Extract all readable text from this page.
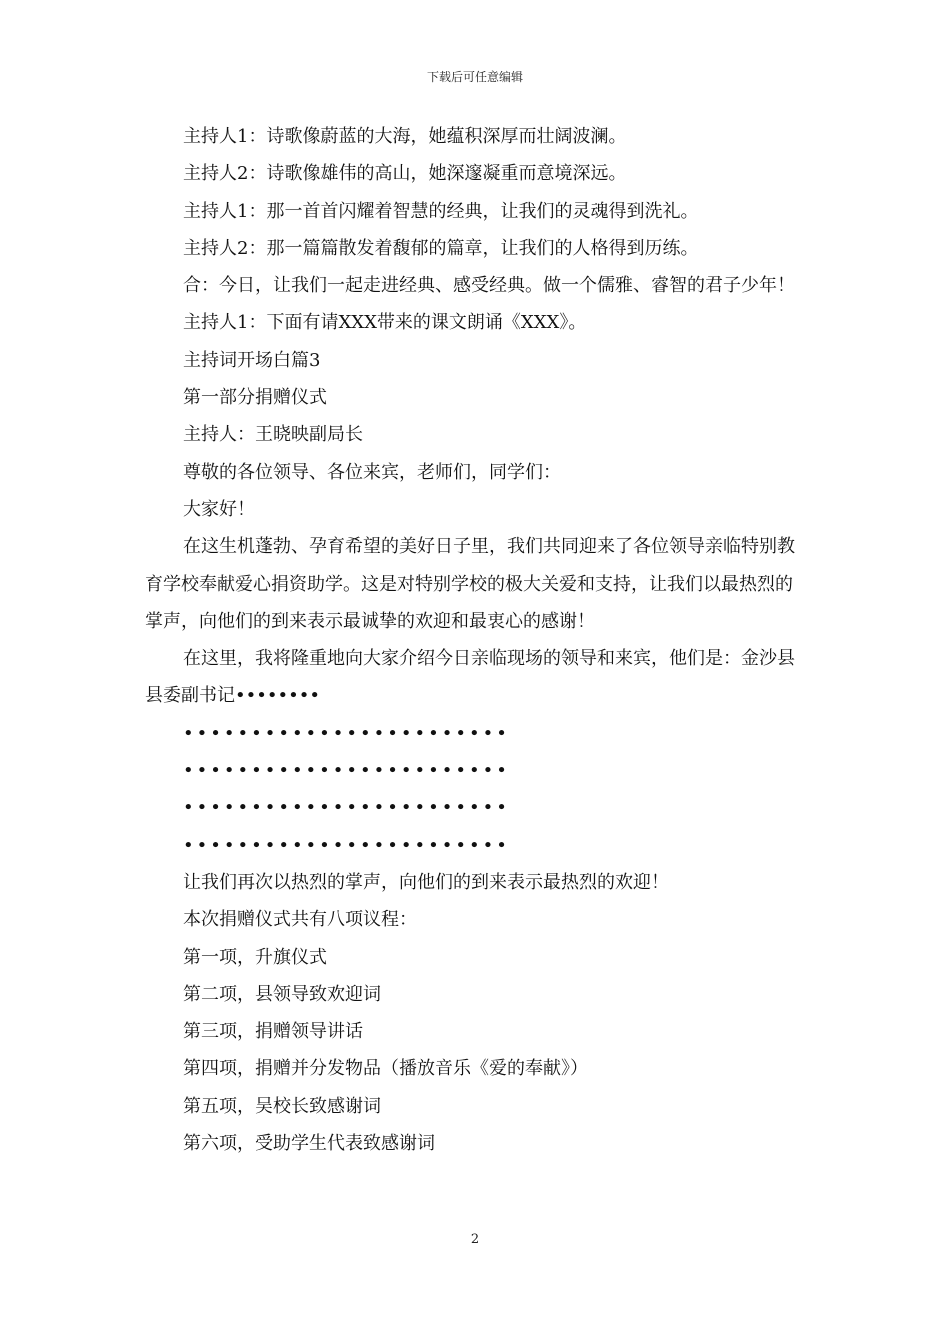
下载后可任意编辑

主持人1：诗歌像蔚蓝的大海，她蕴积深厚而壮阔波澜。

主持人2：诗歌像雄伟的高山，她深邃凝重而意境深远。

主持人1：那一首首闪耀着智慧的经典，让我们的灵魂得到洗礼。

主持人2：那一篇篇散发着馥郁的篇章，让我们的人格得到历练。

合：今日，让我们一起走进经典、感受经典。做一个儒雅、睿智的君子少年！

主持人1：下面有请XXX带来的课文朗诵《XXX》。

主持词开场白篇3

第一部分捐赠仪式

主持人：王晓映副局长

尊敬的各位领导、各位来宾，老师们，同学们：

大家好！

在这生机蓬勃、孕育希望的美好日子里，我们共同迎来了各位领导亲临特别教育学校奉献爱心捐资助学。这是对特别学校的极大关爱和支持，让我们以最热烈的掌声，向他们的到来表示最诚挚的欢迎和最衷心的感谢！

在这里，我将隆重地向大家介绍今日亲临现场的领导和来宾，他们是：金沙县县委副书记••••••••

••••••••••••••••••••••••
••••••••••••••••••••••••
••••••••••••••••••••••••
••••••••••••••••••••••••

让我们再次以热烈的掌声，向他们的到来表示最热烈的欢迎！

本次捐赠仪式共有八项议程：

第一项，升旗仪式

第二项，县领导致欢迎词

第三项，捐赠领导讲话

第四项，捐赠并分发物品（播放音乐《爱的奉献》）

第五项，吴校长致感谢词

第六项，受助学生代表致感谢词

2
